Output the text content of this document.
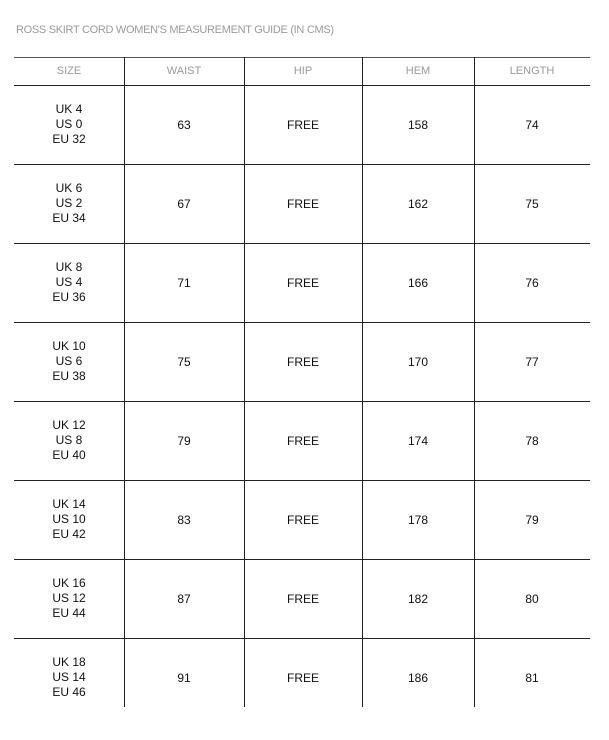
ROSS SKIRT CORD WOMEN'S MEASUREMENT GUIDE (IN CMS)
SIZE	WAIST	HIP	HEM	LENGTH
UK 4
US 0
EU 32
63	FREE	158	74
UK 6
US 2
EU 34
67	FREE	162	75
UK 8
US 4
EU 36
71	FREE	166	76
UK 10
US 6
EU 38
75	FREE	170	77
UK 12
US 8
EU 40
79	FREE	174	78
UK 14
US 10
EU 42
83	FREE	178	79
UK 16
US 12
EU 44
87	FREE	182	80
UK 18
US 14
EU 46
91	FREE	186	81
